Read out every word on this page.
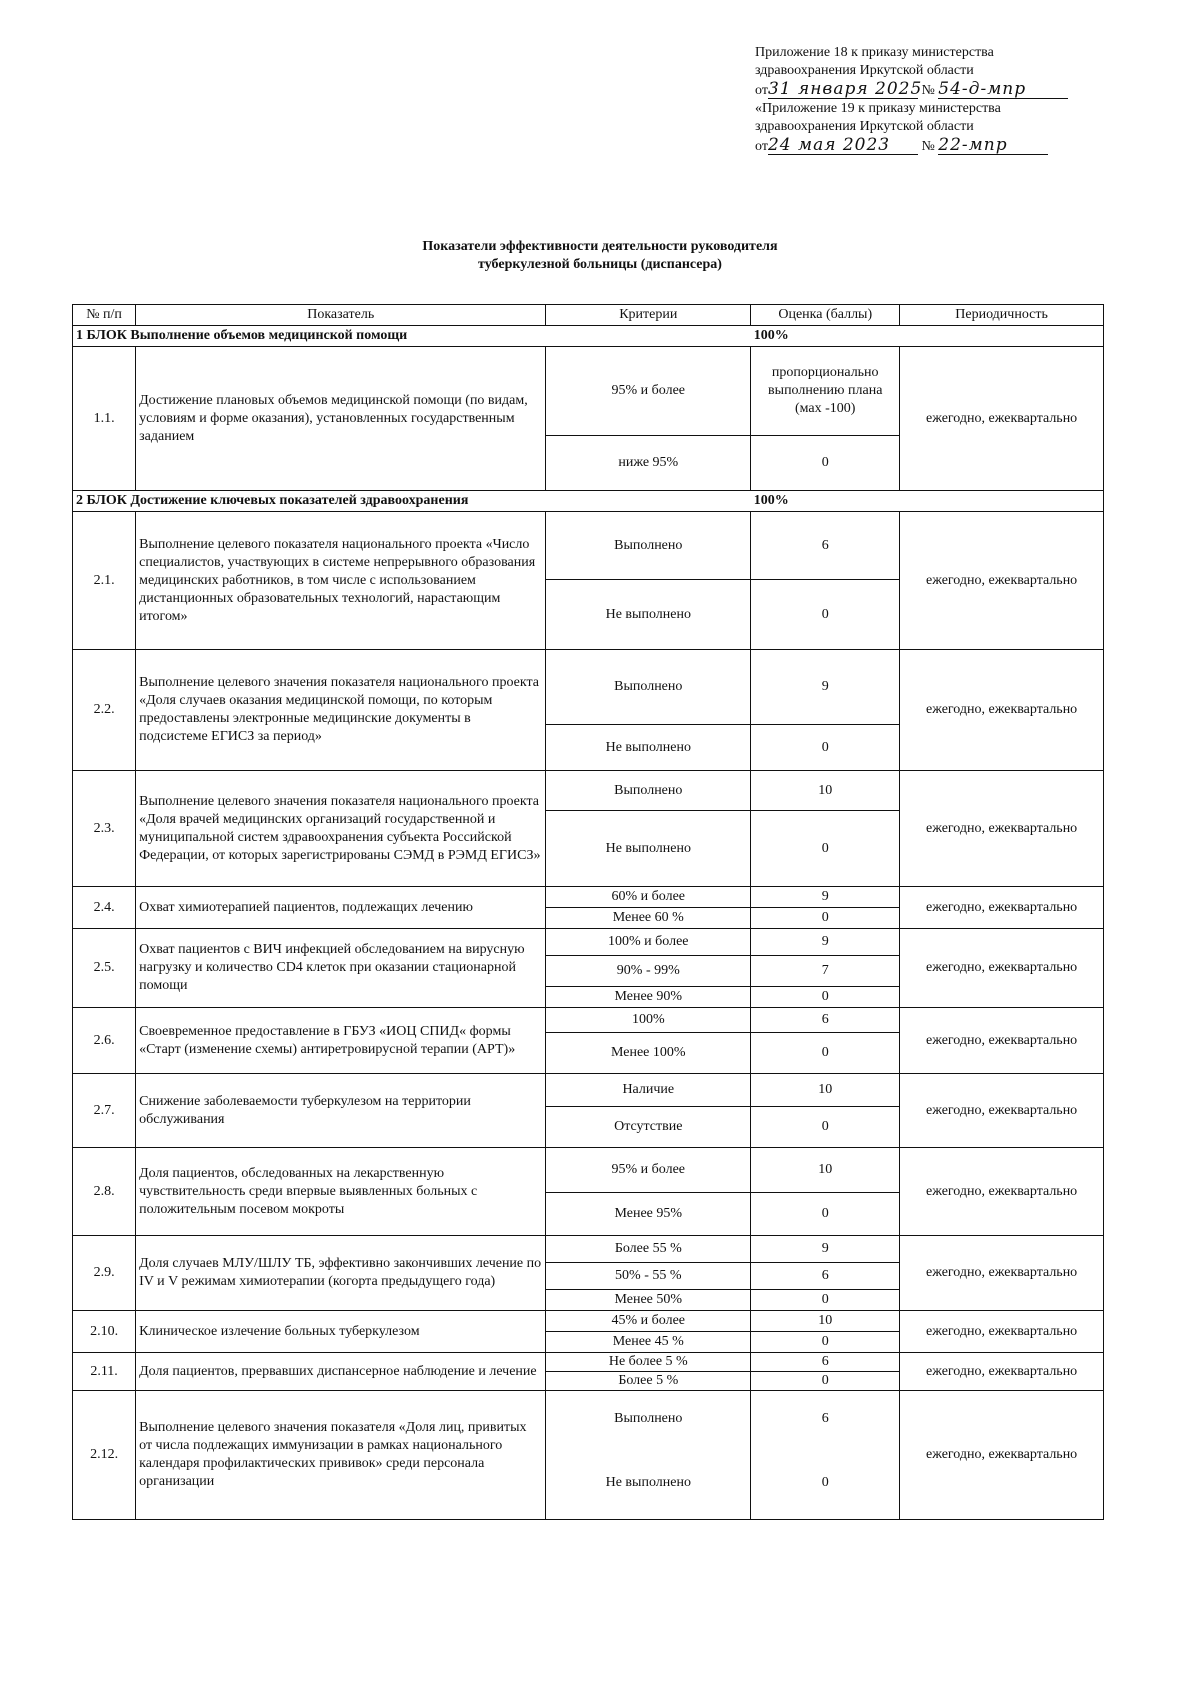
Приложение 18 к приказу министерства
здравоохранения Иркутской области
от31 января 2025 № 54-д-мпр
«Приложение 19 к приказу министерства
здравоохранения Иркутской области
от24 мая 2023 № 22-мпр
Показатели эффективности деятельности руководителя
туберкулезной больницы (диспансера)
№ п/п	Показатель	Критерии	Оценка (баллы)	Периодичность
1 БЛОК Выполнение объемов медицинской помощи			100%	
1.1.	Достижение плановых объемов медицинской помощи (по видам, условиям и форме оказания), установленных государственным заданием	95% и более	пропорционально выполнению плана (мах -100)	ежегодно, ежеквартально
		ниже 95%	0	
2 БЛОК Достижение ключевых показателей здравоохранения			100%	
2.1.	Выполнение целевого показателя национального проекта «Число специалистов, участвующих в системе непрерывного образования медицинских работников, в том числе с использованием дистанционных образовательных технологий, нарастающим итогом»	Выполнено	6	ежегодно, ежеквартально
		Не выполнено	0	
2.2.	Выполнение целевого значения показателя национального проекта «Доля случаев оказания медицинской помощи, по которым предоставлены электронные медицинские документы в подсистеме ЕГИСЗ за период»	Выполнено	9	ежегодно, ежеквартально
		Не выполнено	0	
2.3.	Выполнение целевого значения показателя национального проекта «Доля врачей медицинских организаций государственной и муниципальной систем здравоохранения субъекта Российской Федерации, от которых зарегистрированы СЭМД в РЭМД ЕГИСЗ»	Выполнено	10	ежегодно, ежеквартально
		Не выполнено	0	
2.4.	Охват химиотерапией пациентов, подлежащих лечению	60% и более	9	ежегодно, ежеквартально
		Менее 60 %	0	
2.5.	Охват пациентов с ВИЧ инфекцией обследованием на вирусную нагрузку и количество CD4 клеток при оказании стационарной помощи	100% и более	9	ежегодно, ежеквартально
		90% - 99%	7	
		Менее 90%	0	
2.6.	Своевременное предоставление в ГБУЗ «ИОЦ СПИД« формы «Старт (изменение схемы) антиретровирусной терапии (АРТ)»	100%	6	ежегодно, ежеквартально
		Менее 100%	0	
2.7.	Снижение заболеваемости туберкулезом на территории обслуживания	Наличие	10	ежегодно, ежеквартально
		Отсутствие	0	
2.8.	Доля пациентов, обследованных на лекарственную чувствительность среди впервые выявленных больных с положительным посевом мокроты	95% и более	10	ежегодно, ежеквартально
		Менее 95%	0	
2.9.	Доля случаев МЛУ/ШЛУ ТБ, эффективно закончивших лечение по IV и V режимам химиотерапии (когорта предыдущего года)	Более 55 %	9	ежегодно, ежеквартально
		50% - 55 %	6	
		Менее 50%	0	
2.10.	Клиническое излечение больных туберкулезом	45% и более	10	ежегодно, ежеквартально
		Менее 45 %	0	
2.11.	Доля пациентов, прервавших диспансерное наблюдение и лечение	Не более 5 %	6	ежегодно, ежеквартально
		Более 5 %	0	
2.12.	Выполнение целевого значения показателя «Доля лиц, привитых от числа подлежащих иммунизации в рамках национального календаря профилактических прививок» среди персонала организации	Выполнено	6	ежегодно, ежеквартально
		Не выполнено	0	
